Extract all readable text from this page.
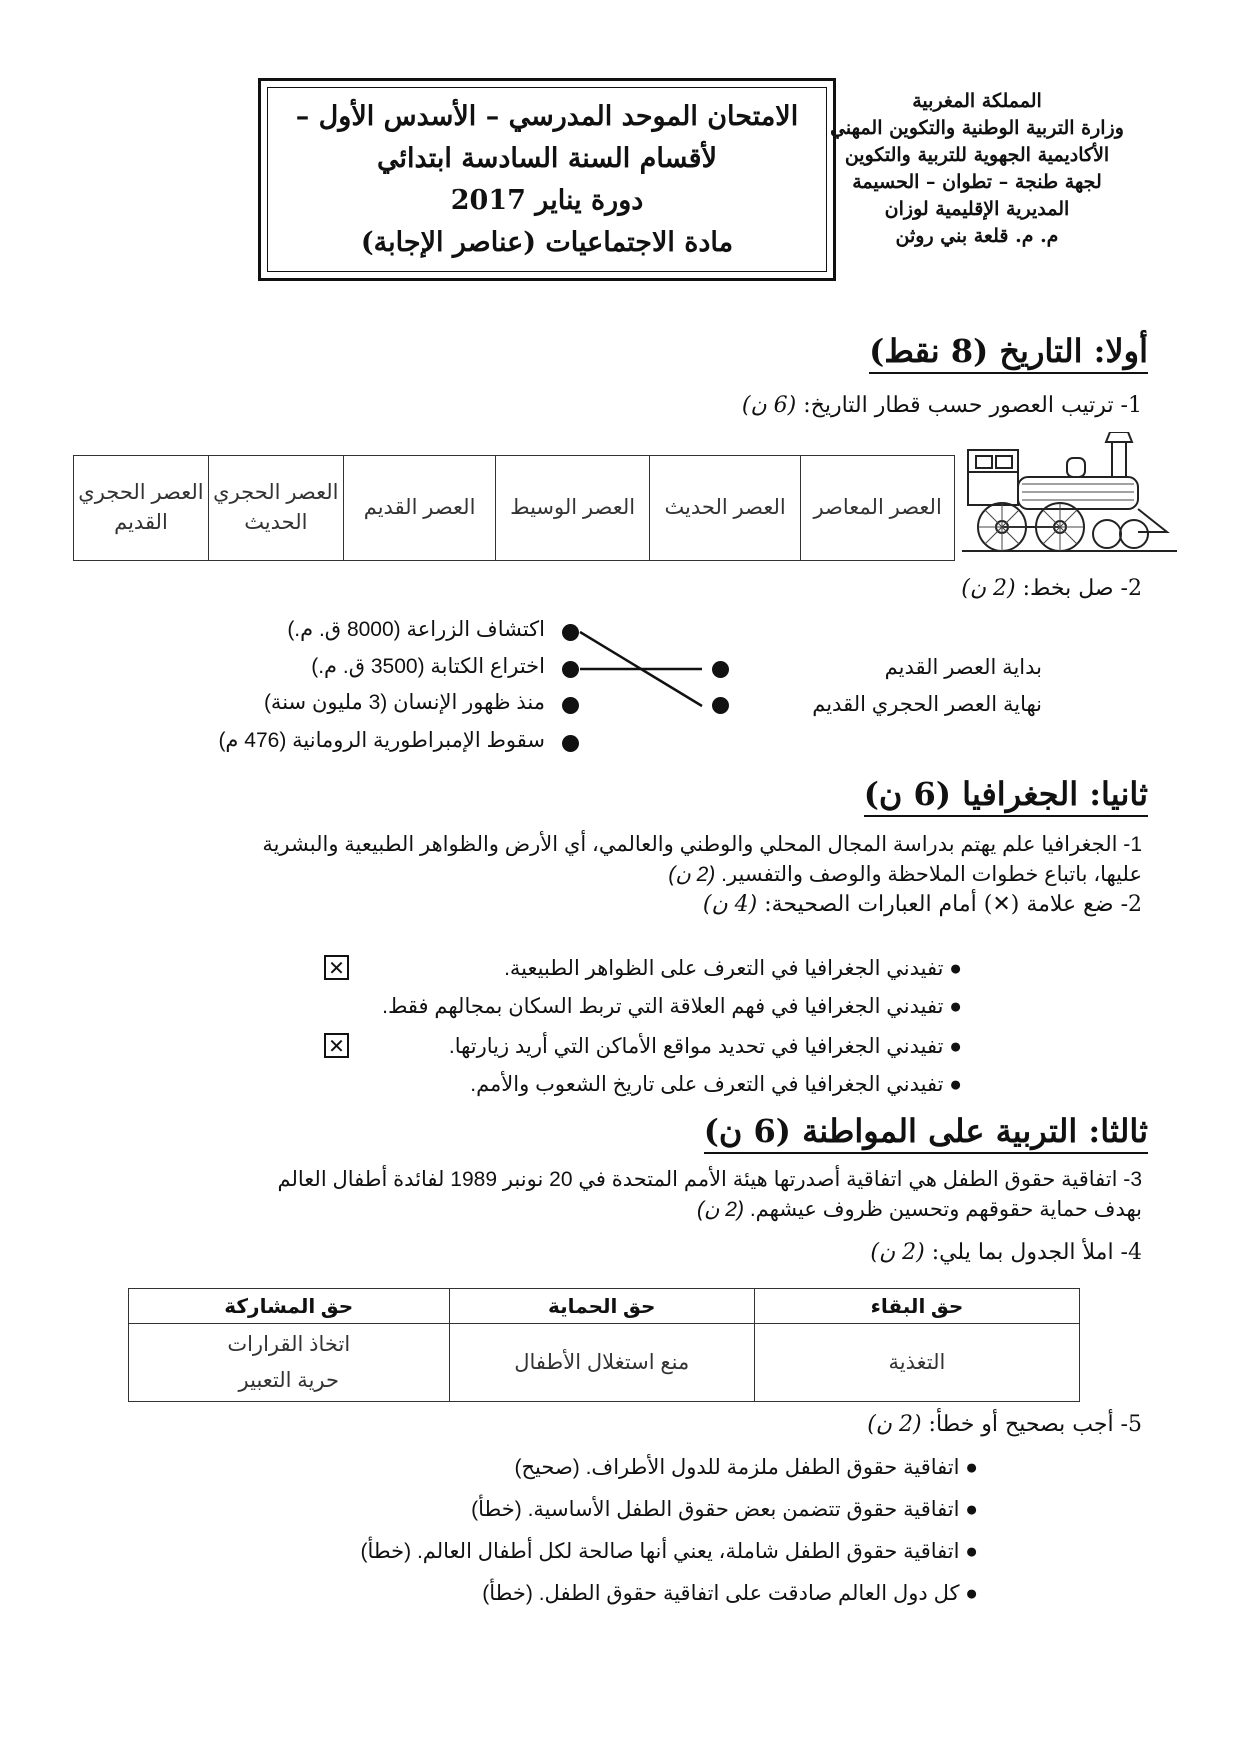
الامتحان الموحد المدرسي – الأسدس الأول –
لأقسام السنة السادسة ابتدائي
دورة يناير 2017
مادة الاجتماعيات (عناصر الإجابة)
المملكة المغربية
وزارة التربية الوطنية والتكوين المهني
الأكاديمية الجهوية للتربية والتكوين
لجهة طنجة – تطوان – الحسيمة
المديرية الإقليمية لوزان
م. م. قلعة بني روثن
أولا: التاريخ (8 نقط)
1- ترتيب العصور حسب قطار التاريخ: (6 ن)
العصر المعاصر	العصر الحديث	العصر الوسيط	العصر القديم	العصر الحجري الحديث	العصر الحجري القديم
2- صل بخط: (2 ن)
بداية العصر القديم
نهاية العصر الحجري القديم
اكتشاف الزراعة (8000 ق. م.)
اختراع الكتابة (3500 ق. م.)
منذ ظهور الإنسان (3 مليون سنة)
سقوط الإمبراطورية الرومانية (476 م)
ثانيا: الجغرافيا (6 ن)
1- الجغرافيا علم يهتم بدراسة المجال المحلي والوطني والعالمي، أي الأرض والظواهر الطبيعية والبشرية
عليها، باتباع خطوات الملاحظة والوصف والتفسير. (2 ن)
2- ضع علامة (✕) أمام العبارات الصحيحة: (4 ن)
● تفيدني الجغرافيا في التعرف على الظواهر الطبيعية.
● تفيدني الجغرافيا في فهم العلاقة التي تربط السكان بمجالهم فقط.
● تفيدني الجغرافيا في تحديد مواقع الأماكن التي أريد زيارتها.
● تفيدني الجغرافيا في التعرف على تاريخ الشعوب والأمم.
✕
✕
ثالثا: التربية على المواطنة (6 ن)
3- اتفاقية حقوق الطفل هي اتفاقية أصدرتها هيئة الأمم المتحدة في 20 نونبر 1989 لفائدة أطفال العالم
بهدف حماية حقوقهم وتحسين ظروف عيشهم. (2 ن)
4- املأ الجدول بما يلي: (2 ن)
حق البقاء	حق الحماية	حق المشاركة
التغذية	منع استغلال الأطفال	اتخاذ القرارات
حرية التعبير
5- أجب بصحيح أو خطأ: (2 ن)
● اتفاقية حقوق الطفل ملزمة للدول الأطراف. (صحيح)
● اتفاقية حقوق تتضمن بعض حقوق الطفل الأساسية. (خطأ)
● اتفاقية حقوق الطفل شاملة، يعني أنها صالحة لكل أطفال العالم. (خطأ)
● كل دول العالم صادقت على اتفاقية حقوق الطفل. (خطأ)
